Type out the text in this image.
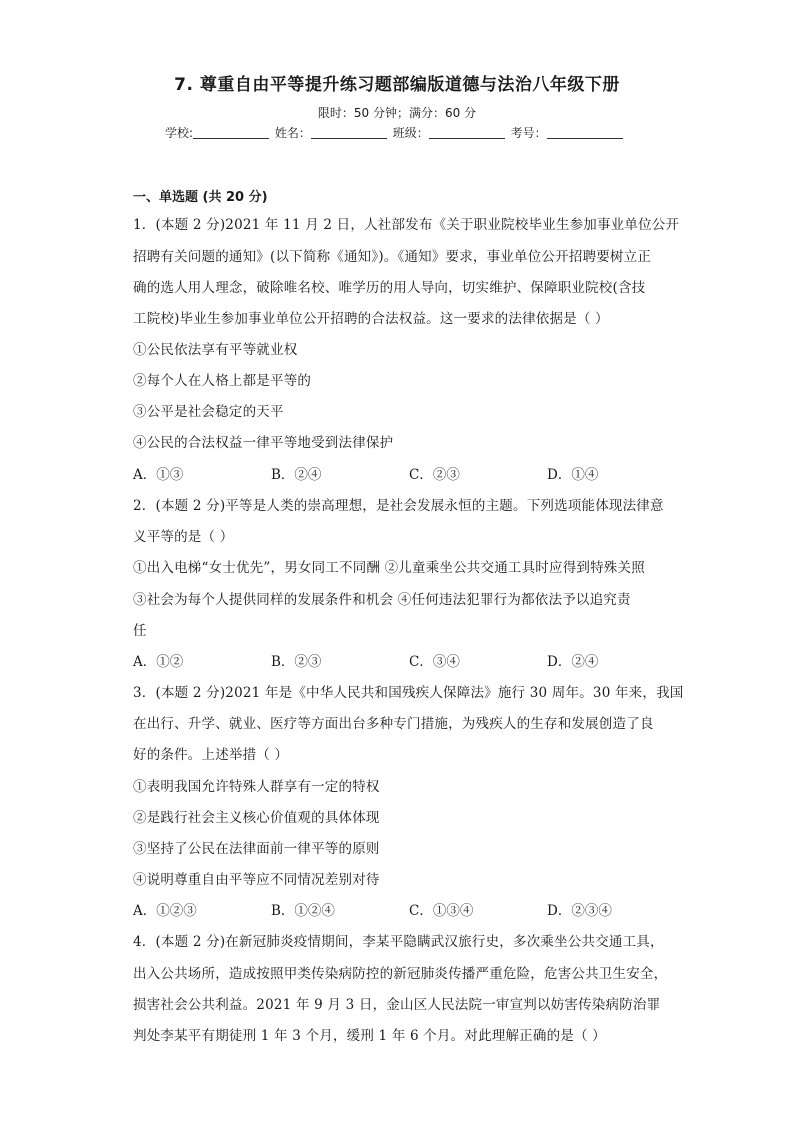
7. 尊重自由平等提升练习题部编版道德与法治八年级下册
限时：50 分钟；满分：60 分
学校:	姓名：	班级：	考号：
一、单选题 (共 20 分)
1．(本题 2 分)2021 年 11 月 2 日，人社部发布《关于职业院校毕业生参加事业单位公开
招聘有关问题的通知》(以下简称《通知》)。《通知》要求，事业单位公开招聘要树立正
确的选人用人理念，破除唯名校、唯学历的用人导向，切实维护、保障职业院校(含技
工院校)毕业生参加事业单位公开招聘的合法权益。这一要求的法律依据是（ ）
①公民依法享有平等就业权
②每个人在人格上都是平等的
③公平是社会稳定的天平
④公民的合法权益一律平等地受到法律保护
A．①③	B．②④	C．②③	D．①④
2．(本题 2 分)平等是人类的崇高理想，是社会发展永恒的主题。下列选项能体现法律意
义平等的是（ ）
①出入电梯“女士优先”，男女同工不同酬 ②儿童乘坐公共交通工具时应得到特殊关照
③社会为每个人提供同样的发展条件和机会 ④任何违法犯罪行为都依法予以追究责
任
A．①②	B．②③	C．③④	D．②④
3．(本题 2 分)2021 年是《中华人民共和国残疾人保障法》施行 30 周年。30 年来，我国
在出行、升学、就业、医疗等方面出台多种专门措施，为残疾人的生存和发展创造了良
好的条件。上述举措（ ）
①表明我国允许特殊人群享有一定的特权
②是践行社会主义核心价值观的具体体现
③坚持了公民在法律面前一律平等的原则
④说明尊重自由平等应不同情况差别对待
A．①②③	B．①②④	C．①③④	D．②③④
4．(本题 2 分)在新冠肺炎疫情期间，李某平隐瞒武汉旅行史，多次乘坐公共交通工具，
出入公共场所，造成按照甲类传染病防控的新冠肺炎传播严重危险，危害公共卫生安全，
损害社会公共利益。2021 年 9 月 3 日，金山区人民法院一审宣判以妨害传染病防治罪
判处李某平有期徒刑 1 年 3 个月，缓刑 1 年 6 个月。对此理解正确的是（ ）
